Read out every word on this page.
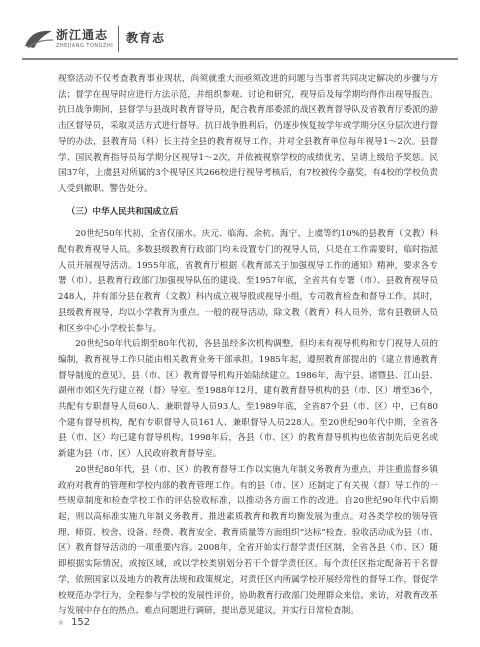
浙江通志
ZHEJIANG TONGZHI
教育志

视察活动不仅考查教育事业现状，尚须就重大而亟须改进的问题与当事者共同决定解决的步骤与方法；督学在视导时应进行方法示范，并组织参观、讨论和研究，视导后及每学期均得作出视导报告。抗日战争期间，县督学与县战时教育督导员，配合教育部委派的战区教育督导队及省教育厅委派的游击区督导员，采取灵活方式进行督导。抗日战争胜利后，仍逐步恢复按学年或学期分区分层次进行督导的办法，县教育局（科）长主持全县的教育视导工作，并对全县教育单位每年视导1～2次。县督学、国民教育指导员每学期分区视导1～2次，并依被视察学校的成绩优劣，呈请上级给予奖惩。民国37年，上虞县对所属的3个视导区共266校进行视导考核后，有7校被传令嘉奖，有4校的学校负责人受到撤职、警告处分。

（三）中华人民共和国成立后

20世纪50年代初，全省仅丽水、庆元、临海、余杭、海宁、上虞等约10%的县教育（文教）科配有教育视导人员。多数县级教育行政部门均未设置专门的视导人员，只是在工作需要时，临时指派人员开展视导活动。1955年底，省教育厅根据《教育部关于加强视导工作的通知》精神，要求各专署（市）、县教育行政部门加强视导队伍的建设。至1957年底，全省共有专署（市）、县教育视导员248人，并有部分县在教育（文教）科内成立视导股或视导小组，专司教育检查和督导工作。其时，县级教育视导，均以小学教育为重点。一般的视导活动，除文教（教育）科人员外，常有县教研人员和区乡中心小学校长参与。

20世纪50年代后期至80年代初，各县虽经多次机构调整，但均未有视导机构和专门视导人员的编制，教育视导工作只能由相关教育业务干部承担。1985年起，遵照教育部提出的《建立普通教育督导制度的意见》，县（市、区）教育督导机构开始陆续建立。1986年，海宁县、诸暨县、江山县、湖州市郊区先行建立视（督）导室。至1988年12月，建有教育督导机构的县（市、区）增至36个，共配有专职督导人员60人、兼职督导人员93人。至1989年底，全省87个县（市、区）中，已有80个建有督导机构，配有专职督导人员161人、兼职督导人员228人。至20世纪90年代中期，全省各县（市、区）均已建有督导机构。1998年后，各县（市、区）的教育督导机构也依省制先后更名或新建为县（市、区）人民政府教育督导室。

20世纪80年代，县（市、区）的教育督导工作以实施九年制义务教育为重点，并注重监督乡镇政府对教育的管理和学校内部的教育管理工作。有的县（市、区）还制定了有关视（督）导工作的一些规章制度和检查学校工作的评估验收标准，以推动各方面工作的改进。自20世纪90年代中后期起，则以高标准实施九年制义务教育、推进素质教育和教育均衡发展为重点。对各类学校的领导管理、师资、校舍、设备、经费、教育安全、教育质量等方面组织“达标”检查、验收活动成为县（市、区）教育督导活动的一项重要内容。2008年，全省开始实行督学责任区制，全省各县（市、区）随即根据实际情况，或按区域，或以学校类别划分若干个督学责任区。每个责任区指定配备若干名督学，依照国家以及地方的教育法规和政策规定，对责任区内所属学校开展经常性的督导工作，督促学校规范办学行为，全程参与学校的发展性评价，协助教育行政部门处理群众来信、来访，对教育改革与发展中存在的热点、难点问题进行调研，提出意见建议，并实行日常检查制。

※ 152
